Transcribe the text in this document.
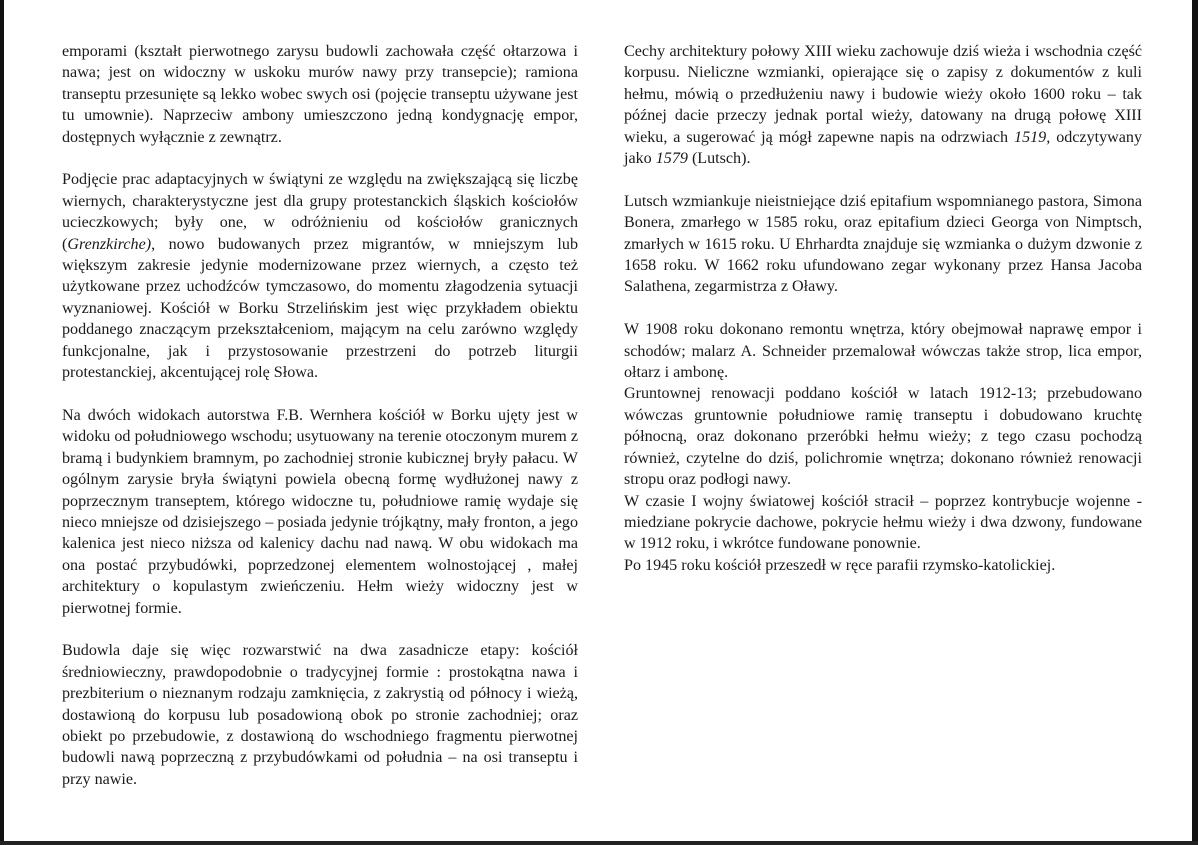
emporami (kształt pierwotnego zarysu budowli zachowała część ołtarzowa i nawa; jest on widoczny w uskoku murów nawy przy transepcie); ramiona transeptu przesunięte są lekko wobec swych osi (pojęcie transeptu używane jest tu umownie). Naprzeciw ambony umieszczono jedną kondygnację empor, dostępnych wyłącznie z zewnątrz.

Podjęcie prac adaptacyjnych w świątyni ze względu na zwiększającą się liczbę wiernych, charakterystyczne jest dla grupy protestanckich śląskich kościołów ucieczkowych; były one, w odróżnieniu od kościołów granicznych (Grenzkirche), nowo budowanych przez migrantów, w mniejszym lub większym zakresie jedynie modernizowane przez wiernych, a często też użytkowane przez uchodźców tymczasowo, do momentu złagodzenia sytuacji wyznaniowej. Kościół w Borku Strzelińskim jest więc przykładem obiektu poddanego znaczącym przekształceniom, mającym na celu zarówno względy funkcjonalne, jak i przystosowanie przestrzeni do potrzeb liturgii protestanckiej, akcentującej rolę Słowa.

Na dwóch widokach autorstwa F.B. Wernhera kościół w Borku ujęty jest w widoku od południowego wschodu; usytuowany na terenie otoczonym murem z bramą i budynkiem bramnym, po zachodniej stronie kubicznej bryły pałacu. W ogólnym zarysie bryła świątyni powiela obecną formę wydłużonej nawy z poprzecznym transeptem, którego widoczne tu, południowe ramię wydaje się nieco mniejsze od dzisiejszego – posiada jedynie trójkątny, mały fronton, a jego kalenica jest nieco niższa od kalenicy dachu nad nawą. W obu widokach ma ona postać przybudówki, poprzedzonej elementem wolnostojącej , małej architektury o kopulastym zwieńczeniu. Hełm wieży widoczny jest w pierwotnej formie.

Budowla daje się więc rozwarstwić na dwa zasadnicze etapy: kościół średniowieczny, prawdopodobnie o tradycyjnej formie : prostokątna nawa i prezbiterium o nieznanym rodzaju zamknięcia, z zakrystią od północy i wieżą, dostawioną do korpusu lub posadowioną obok po stronie zachodniej; oraz obiekt po przebudowie, z dostawioną do wschodniego fragmentu pierwotnej budowli nawą poprzeczną z przybudówkami od południa – na osi transeptu i przy nawie.

Cechy architektury połowy XIII wieku zachowuje dziś wieża i wschodnia część korpusu. Nieliczne wzmianki, opierające się o zapisy z dokumentów z kuli hełmu, mówią o przedłużeniu nawy i budowie wieży około 1600 roku – tak późnej dacie przeczy jednak portal wieży, datowany na drugą połowę XIII wieku, a sugerować ją mógł zapewne napis na odrzwiach 1519, odczytywany jako 1579 (Lutsch).

Lutsch wzmiankuje nieistniejące dziś epitafium wspomnianego pastora, Simona Bonera, zmarłego w 1585 roku, oraz epitafium dzieci Georga von Nimptsch, zmarłych w 1615 roku. U Ehrhardta znajduje się wzmianka o dużym dzwonie z 1658 roku. W 1662 roku ufundowano zegar wykonany przez Hansa Jacoba Salathena, zegarmistrza z Oławy.

W 1908 roku dokonano remontu wnętrza, który obejmował naprawę empor i schodów; malarz A. Schneider przemalował wówczas także strop, lica empor, ołtarz i ambonę.

Gruntownej renowacji poddano kościół w latach 1912-13; przebudowano wówczas gruntownie południowe ramię transeptu i dobudowano kruchtę północną, oraz dokonano przeróbki hełmu wieży; z tego czasu pochodzą również, czytelne do dziś, polichromie wnętrza; dokonano również renowacji stropu oraz podłogi nawy.

W czasie I wojny światowej kościół stracił – poprzez kontrybucje wojenne - miedziane pokrycie dachowe, pokrycie hełmu wieży i dwa dzwony, fundowane w 1912 roku, i wkrótce fundowane ponownie.

Po 1945 roku kościół przeszedł w ręce parafii rzymsko-katolickiej.
